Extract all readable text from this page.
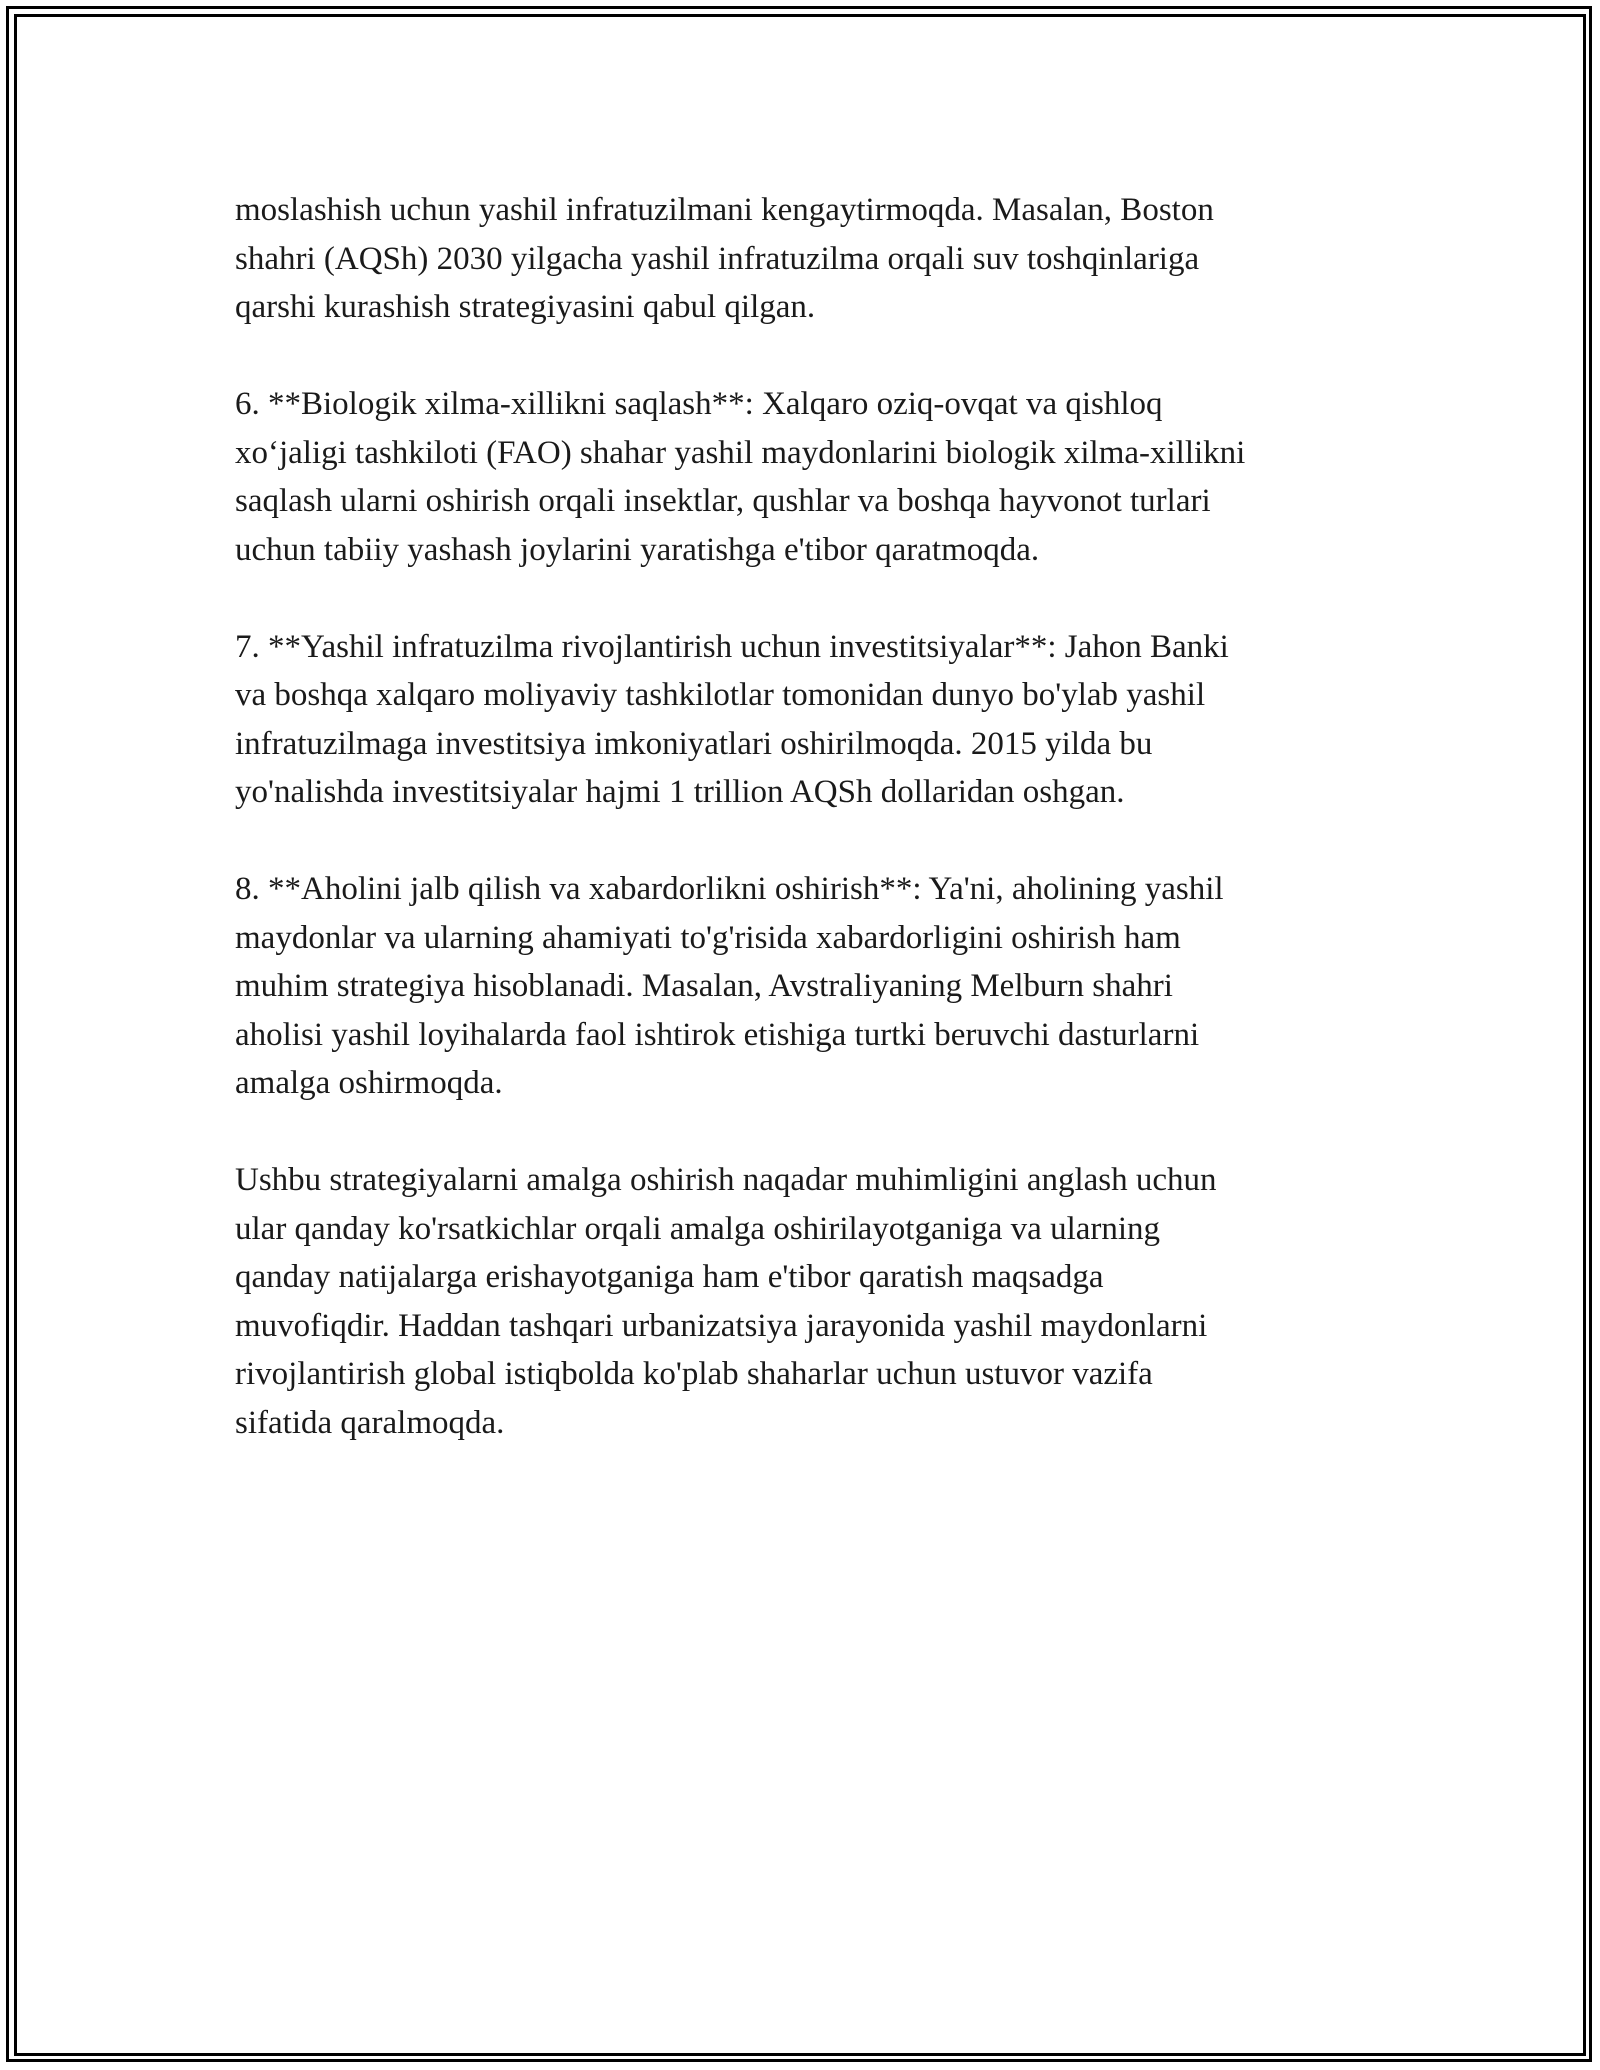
moslashish uchun yashil infratuzilmani kengaytirmoqda. Masalan, Boston
shahri (AQSh) 2030 yilgacha yashil infratuzilma orqali suv toshqinlariga
qarshi kurashish strategiyasini qabul qilgan.

6. **Biologik xilma-xillikni saqlash**: Xalqaro oziq-ovqat va qishloq
xo‘jaligi tashkiloti (FAO) shahar yashil maydonlarini biologik xilma-xillikni
saqlash ularni oshirish orqali insektlar, qushlar va boshqa hayvonot turlari
uchun tabiiy yashash joylarini yaratishga e'tibor qaratmoqda.

7. **Yashil infratuzilma rivojlantirish uchun investitsiyalar**: Jahon Banki
va boshqa xalqaro moliyaviy tashkilotlar tomonidan dunyo bo'ylab yashil
infratuzilmaga investitsiya imkoniyatlari oshirilmoqda. 2015 yilda bu
yo'nalishda investitsiyalar hajmi 1 trillion AQSh dollaridan oshgan.

8. **Aholini jalb qilish va xabardorlikni oshirish**: Ya'ni, aholining yashil
maydonlar va ularning ahamiyati to'g'risida xabardorligini oshirish ham
muhim strategiya hisoblanadi. Masalan, Avstraliyaning Melburn shahri
aholisi yashil loyihalarda faol ishtirok etishiga turtki beruvchi dasturlarni
amalga oshirmoqda.

Ushbu strategiyalarni amalga oshirish naqadar muhimligini anglash uchun
ular qanday ko'rsatkichlar orqali amalga oshirilayotganiga va ularning
qanday natijalarga erishayotganiga ham e'tibor qaratish maqsadga
muvofiqdir. Haddan tashqari urbanizatsiya jarayonida yashil maydonlarni
rivojlantirish global istiqbolda ko'plab shaharlar uchun ustuvor vazifa
sifatida qaralmoqda.
